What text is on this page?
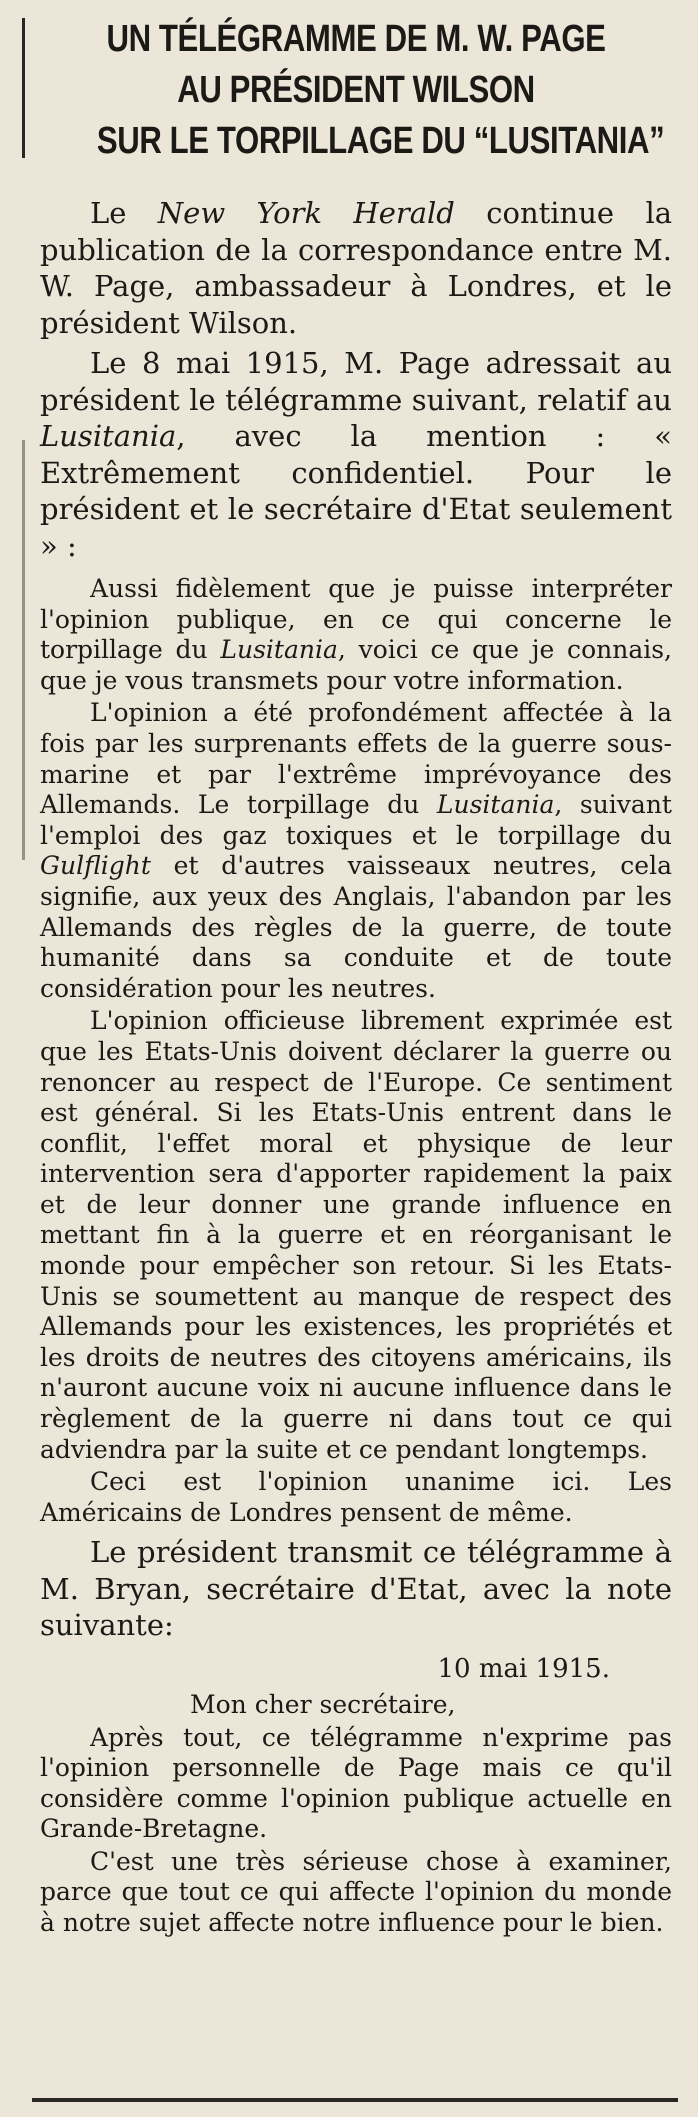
UN TÉLÉGRAMME DE M. W. PAGE
AU PRÉSIDENT WILSON
SUR LE TORPILLAGE DU “LUSITANIA”

Le New York Herald continue la publication de la correspondance entre M. W. Page, ambassadeur à Londres, et le président Wilson.

Le 8 mai 1915, M. Page adressait au président le télégramme suivant, relatif au Lusitania, avec la mention : « Extrêmement confidentiel. Pour le président et le secrétaire d'Etat seulement » :

Aussi fidèlement que je puisse interpréter l'opinion publique, en ce qui concerne le torpillage du Lusitania, voici ce que je connais, que je vous transmets pour votre information.

L'opinion a été profondément affectée à la fois par les surprenants effets de la guerre sous-marine et par l'extrême imprévoyance des Allemands. Le torpillage du Lusitania, suivant l'emploi des gaz toxiques et le torpillage du Gulflight et d'autres vaisseaux neutres, cela signifie, aux yeux des Anglais, l'abandon par les Allemands des règles de la guerre, de toute humanité dans sa conduite et de toute considération pour les neutres.

L'opinion officieuse librement exprimée est que les Etats-Unis doivent déclarer la guerre ou renoncer au respect de l'Europe. Ce sentiment est général. Si les Etats-Unis entrent dans le conflit, l'effet moral et physique de leur intervention sera d'apporter rapidement la paix et de leur donner une grande influence en mettant fin à la guerre et en réorganisant le monde pour empêcher son retour. Si les Etats-Unis se soumettent au manque de respect des Allemands pour les existences, les propriétés et les droits de neutres des citoyens américains, ils n'auront aucune voix ni aucune influence dans le règlement de la guerre ni dans tout ce qui adviendra par la suite et ce pendant longtemps.

Ceci est l'opinion unanime ici. Les Américains de Londres pensent de même.

Le président transmit ce télégramme à M. Bryan, secrétaire d'Etat, avec la note suivante:

10 mai 1915.

Mon cher secrétaire,

Après tout, ce télégramme n'exprime pas l'opinion personnelle de Page mais ce qu'il considère comme l'opinion publique actuelle en Grande-Bretagne.

C'est une très sérieuse chose à examiner, parce que tout ce qui affecte l'opinion du monde à notre sujet affecte notre influence pour le bien.
